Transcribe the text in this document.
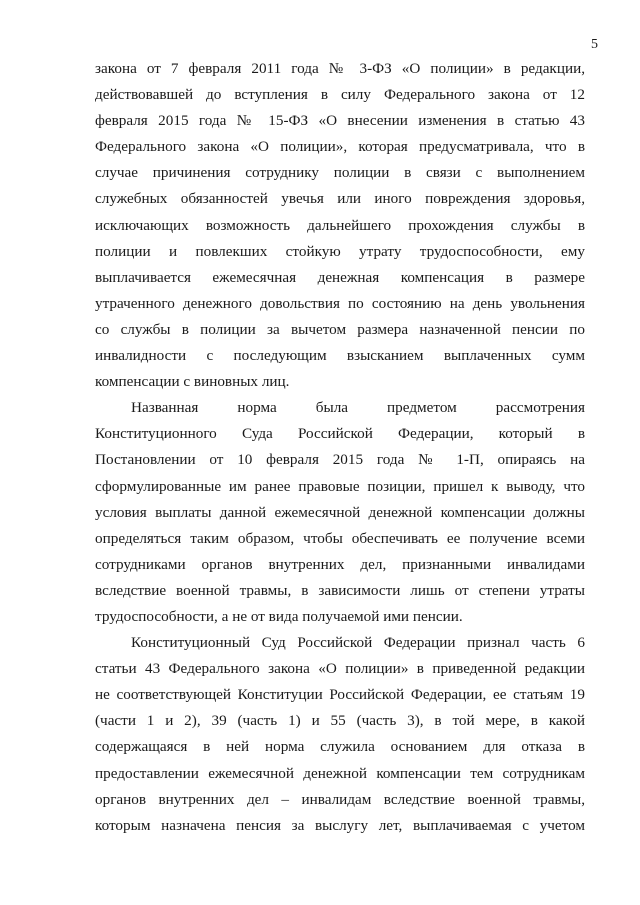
5
закона от 7 февраля 2011 года № 3-ФЗ «О полиции» в редакции,
действовавшей до вступления в силу Федерального закона от 12
февраля 2015 года № 15-ФЗ «О внесении изменения в статью 43
Федерального закона «О полиции», которая предусматривала, что в
случае причинения сотруднику полиции в связи с выполнением
служебных обязанностей увечья или иного повреждения здоровья,
исключающих возможность дальнейшего прохождения службы в
полиции и повлекших стойкую утрату трудоспособности, ему
выплачивается ежемесячная денежная компенсация в размере
утраченного денежного довольствия по состоянию на день увольнения
со службы в полиции за вычетом размера назначенной пенсии по
инвалидности с последующим взысканием выплаченных сумм
компенсации с виновных лиц.
Названная норма была предметом рассмотрения
Конституционного Суда Российской Федерации, который в
Постановлении от 10 февраля 2015 года № 1-П, опираясь на
сформулированные им ранее правовые позиции, пришел к выводу, что
условия выплаты данной ежемесячной денежной компенсации должны
определяться таким образом, чтобы обеспечивать ее получение всеми
сотрудниками органов внутренних дел, признанными инвалидами
вследствие военной травмы, в зависимости лишь от степени утраты
трудоспособности, а не от вида получаемой ими пенсии.
Конституционный Суд Российской Федерации признал часть 6
статьи 43 Федерального закона «О полиции» в приведенной редакции
не соответствующей Конституции Российской Федерации, ее статьям 19
(части 1 и 2), 39 (часть 1) и 55 (часть 3), в той мере, в какой
содержащаяся в ней норма служила основанием для отказа в
предоставлении ежемесячной денежной компенсации тем сотрудникам
органов внутренних дел – инвалидам вследствие военной травмы,
которым назначена пенсия за выслугу лет, выплачиваемая с учетом
